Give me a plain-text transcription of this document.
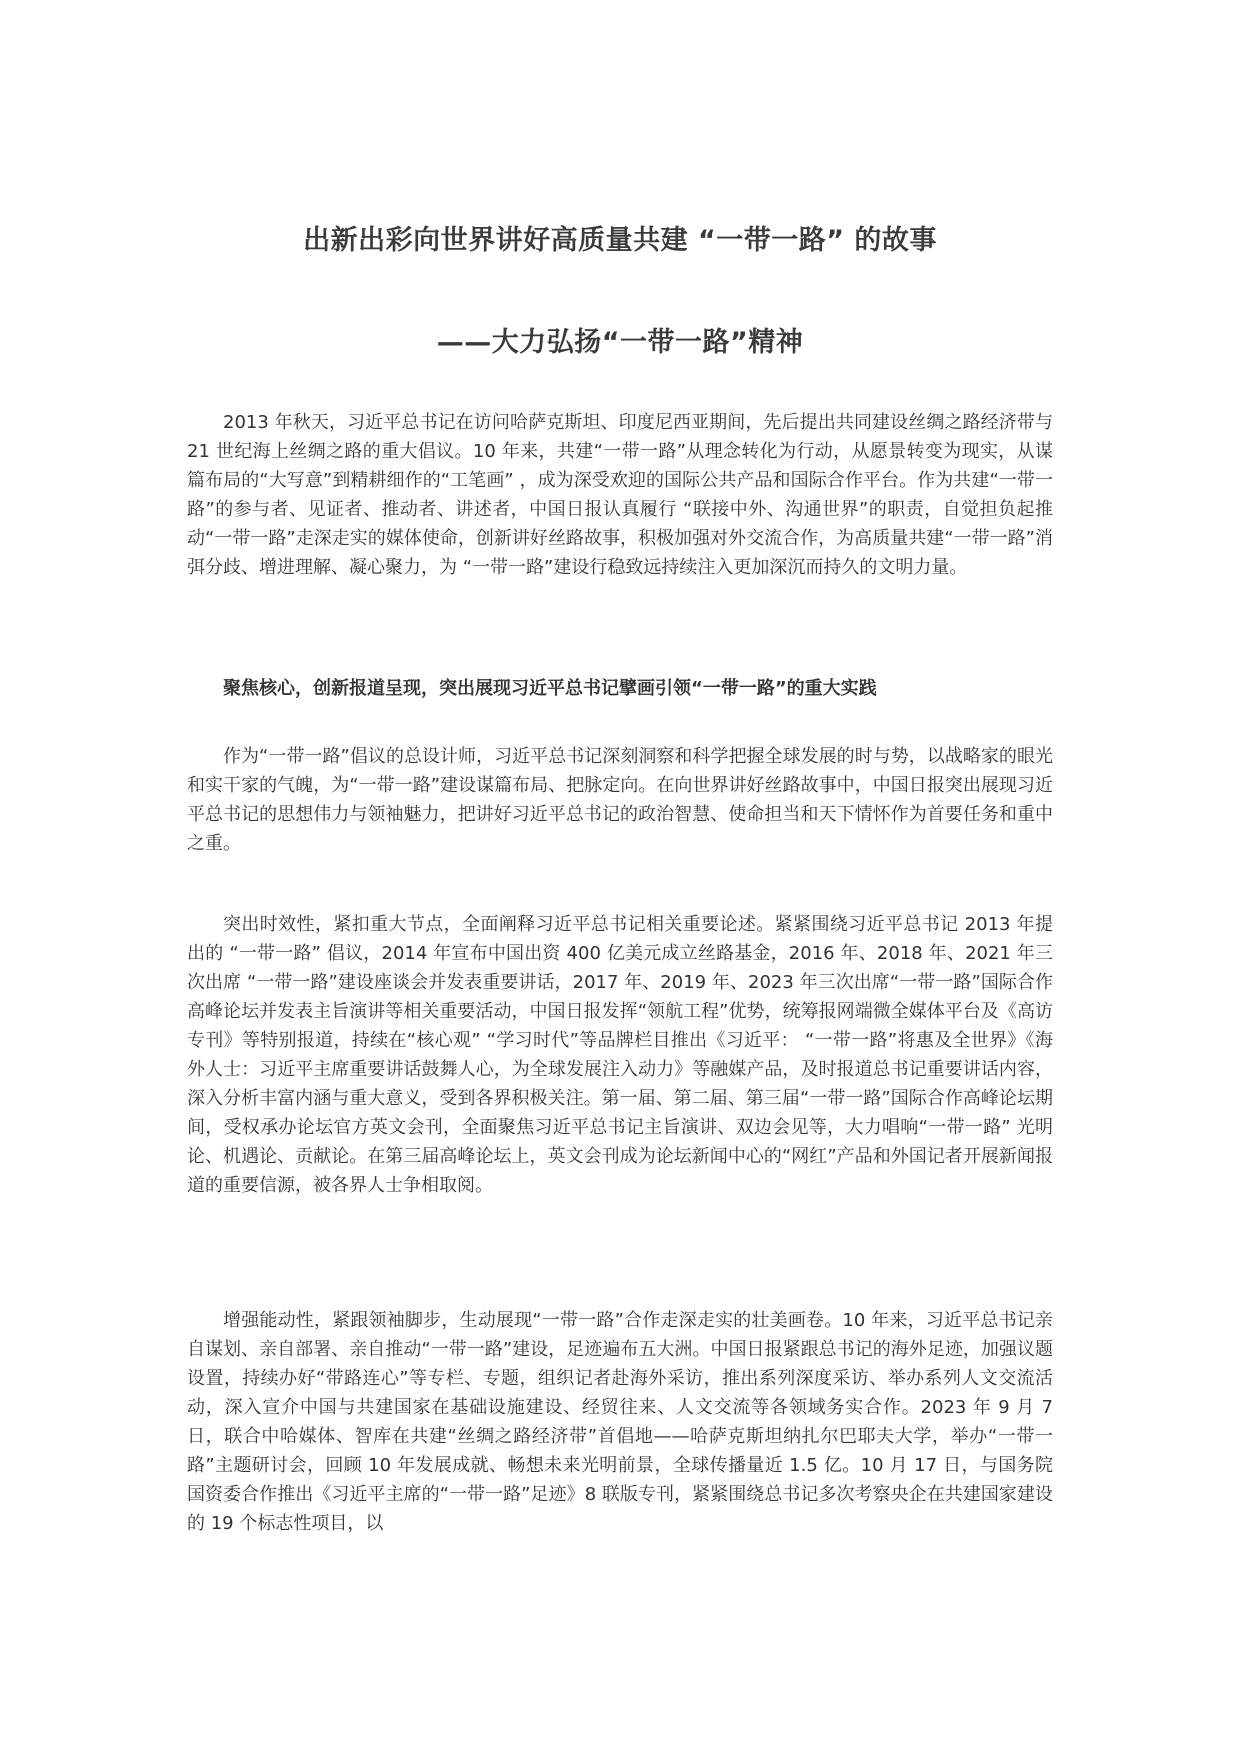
出新出彩向世界讲好高质量共建 “一带一路” 的故事
——大力弘扬“一带一路”精神

2013 年秋天，习近平总书记在访问哈萨克斯坦、印度尼西亚期间，先后提出共同建设丝绸之路经济带与 21 世纪海上丝绸之路的重大倡议。10 年来，共建“一带一路”从理念转化为行动，从愿景转变为现实，从谋篇布局的“大写意”到精耕细作的“工笔画” ，成为深受欢迎的国际公共产品和国际合作平台。作为共建“一带一路”的参与者、见证者、推动者、讲述者，中国日报认真履行 “联接中外、沟通世界”的职责，自觉担负起推动“一带一路”走深走实的媒体使命，创新讲好丝路故事，积极加强对外交流合作，为高质量共建“一带一路”消弭分歧、增进理解、凝心聚力，为 “一带一路”建设行稳致远持续注入更加深沉而持久的文明力量。

聚焦核心，创新报道呈现，突出展现习近平总书记擘画引领“一带一路”的重大实践

作为“一带一路”倡议的总设计师，习近平总书记深刻洞察和科学把握全球发展的时与势，以战略家的眼光和实干家的气魄，为“一带一路”建设谋篇布局、把脉定向。在向世界讲好丝路故事中，中国日报突出展现习近平总书记的思想伟力与领袖魅力，把讲好习近平总书记的政治智慧、使命担当和天下情怀作为首要任务和重中之重。

突出时效性，紧扣重大节点，全面阐释习近平总书记相关重要论述。紧紧围绕习近平总书记 2013 年提出的 “一带一路” 倡议，2014 年宣布中国出资 400 亿美元成立丝路基金，2016 年、2018 年、2021 年三次出席 “一带一路”建设座谈会并发表重要讲话，2017 年、2019 年、2023 年三次出席“一带一路”国际合作高峰论坛并发表主旨演讲等相关重要活动，中国日报发挥“领航工程”优势，统筹报网端微全媒体平台及《高访专刊》等特别报道，持续在“核心观” “学习时代”等品牌栏目推出《习近平： “一带一路”将惠及全世界》《海外人士：习近平主席重要讲话鼓舞人心，为全球发展注入动力》等融媒产品，及时报道总书记重要讲话内容，深入分析丰富内涵与重大意义，受到各界积极关注。第一届、第二届、第三届“一带一路”国际合作高峰论坛期间，受权承办论坛官方英文会刊，全面聚焦习近平总书记主旨演讲、双边会见等，大力唱响“一带一路” 光明论、机遇论、贡献论。在第三届高峰论坛上，英文会刊成为论坛新闻中心的“网红”产品和外国记者开展新闻报道的重要信源，被各界人士争相取阅。

增强能动性，紧跟领袖脚步，生动展现“一带一路”合作走深走实的壮美画卷。10 年来，习近平总书记亲自谋划、亲自部署、亲自推动“一带一路”建设，足迹遍布五大洲。中国日报紧跟总书记的海外足迹，加强议题设置，持续办好“带路连心”等专栏、专题，组织记者赴海外采访，推出系列深度采访、举办系列人文交流活动，深入宣介中国与共建国家在基础设施建设、经贸往来、人文交流等各领域务实合作。2023 年 9 月 7 日，联合中哈媒体、智库在共建“丝绸之路经济带”首倡地——哈萨克斯坦纳扎尔巴耶夫大学，举办“一带一路”主题研讨会，回顾 10 年发展成就、畅想未来光明前景，全球传播量近 1.5 亿。10 月 17 日，与国务院国资委合作推出《习近平主席的“一带一路”足迹》8 联版专刊，紧紧围绕总书记多次考察央企在共建国家建设的 19 个标志性项目，以
